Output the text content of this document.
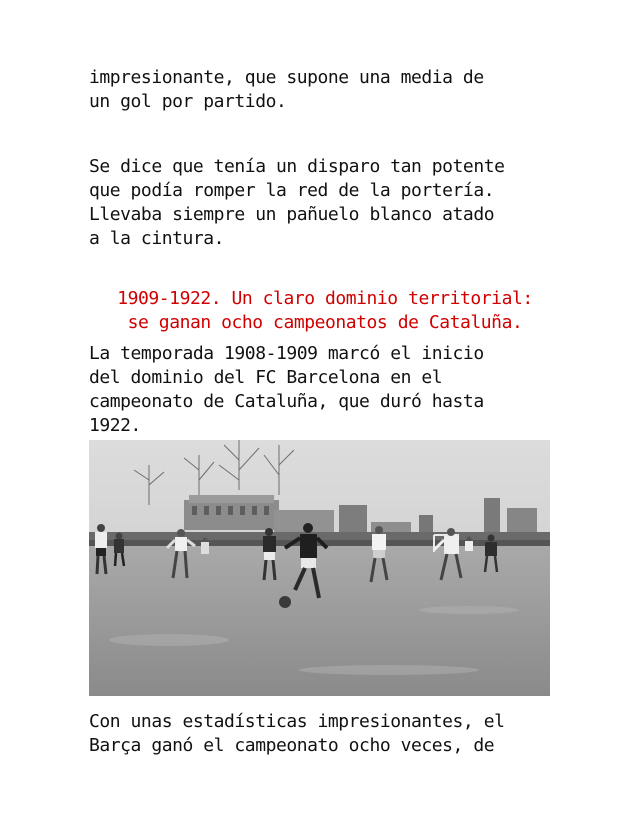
impresionante, que supone una media de
un gol por partido.
Se dice que tenía un disparo tan potente
que podía romper la red de la portería.
Llevaba siempre un pañuelo blanco atado
a la cintura.
1909-1922. Un claro dominio territorial:
se ganan ocho campeonatos de Cataluña.
La temporada 1908-1909 marcó el inicio
del dominio del FC Barcelona en el
campeonato de Cataluña, que duró hasta
1922.
Con unas estadísticas impresionantes, el
Barça ganó el campeonato ocho veces, de
